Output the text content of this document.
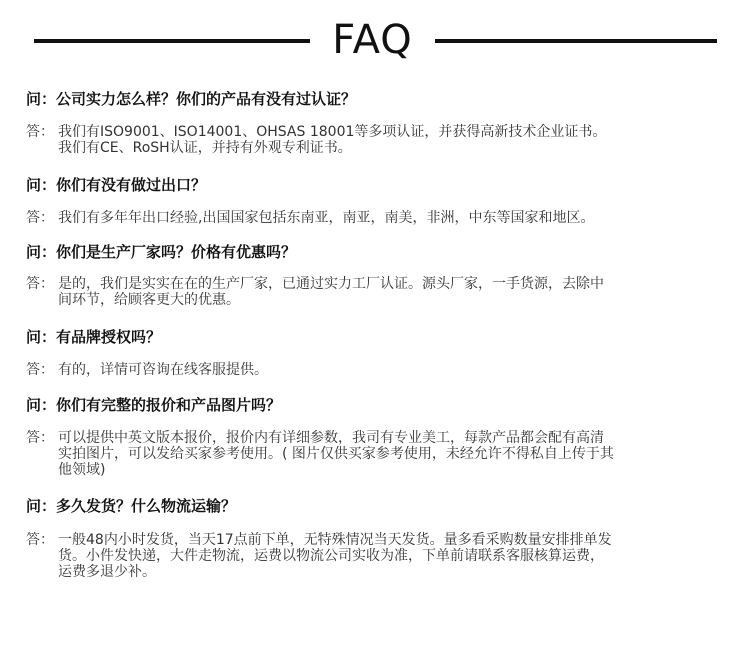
FAQ
问：公司实力怎么样？你们的产品有没有过认证？
答： 我们有ISO9001、ISO14001、OHSAS 18001等多项认证，并获得高新技术企业证书。
我们有CE、RoSH认证，并持有外观专利证书。
问：你们有没有做过出口？
答： 我们有多年年出口经验,出国国家包括东南亚，南亚，南美，非洲，中东等国家和地区。
问：你们是生产厂家吗？价格有优惠吗？
答： 是的，我们是实实在在的生产厂家，已通过实力工厂认证。源头厂家，一手货源，去除中
间环节，给顾客更大的优惠。
问：有品牌授权吗？
答： 有的，详情可咨询在线客服提供。
问：你们有完整的报价和产品图片吗？
答： 可以提供中英文版本报价，报价内有详细参数，我司有专业美工，每款产品都会配有高清
实拍图片，可以发给买家参考使用。( 图片仅供买家参考使用，未经允许不得私自上传于其
他领域)
问：多久发货？什么物流运输？
答： 一般48内小时发货，当天17点前下单，无特殊情况当天发货。量多看采购数量安排排单发
货。小件发快递，大件走物流，运费以物流公司实收为准，下单前请联系客服核算运费，
运费多退少补。
